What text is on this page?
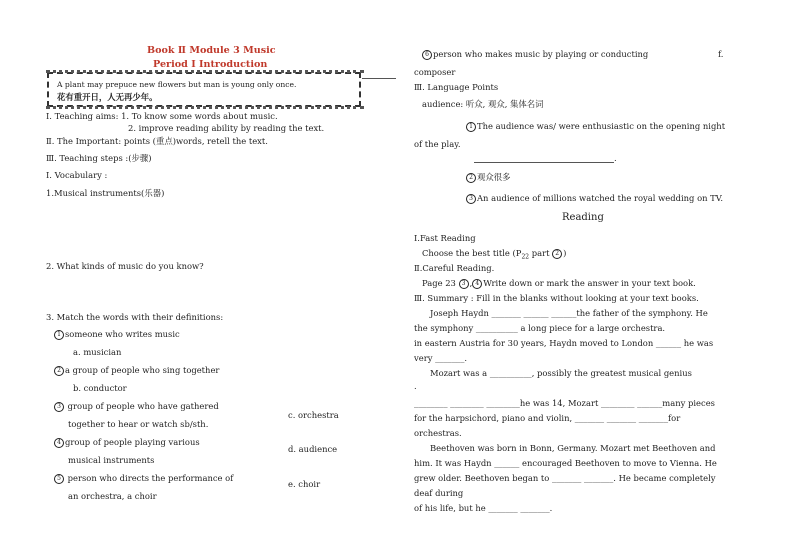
Book Ⅱ Module 3 Music
Period Ⅰ Introduction
A plant may prepuce new flowers but man is young only once.
花有重开日，人无再少年。
Ⅰ. Teaching aims: 1. To know some words about music.
2. improve reading ability by reading the text.
Ⅱ. The Important: points (重点)words, retell the text.
Ⅲ. Teaching steps :(步骤)
Ⅰ. Vocabulary :
1.Musical instruments(乐器)
2. What kinds of music do you know?
3. Match the words with their definitions:
1 someone who writes music
a. musician
2 a group of people who sing together
b. conductor
3 group of people who have gathered
together to hear or watch sb/sth.
c. orchestra
4 group of people playing various
musical instruments
d. audience
5 person who directs the performance of
an orchestra, a choir
e. choir
6 person who makes music by playing or conducting	f.
composer
Ⅲ. Language Points
audience: 听众, 观众, 集体名词
1 The audience was/ were enthusiastic on the opening night
of the play.
.
2 观众很多
3 An audience of millions watched the royal wedding on TV.
Reading
Ⅰ.Fast Reading
Choose the best title ($P_{22}$ part 2 )
Ⅱ.Careful Reading.
Page 23 3 , 4 Write down or mark the answer in your text book.
Ⅲ. Summary : Fill in the blanks without looking at your text books.
Joseph Haydn _______ ______ ______the father of the symphony. He
the symphony __________ a long piece for a large orchestra.
in eastern Austria for 30 years, Haydn moved to London ______ he was
very _______.
Mozart was a __________, possibly the greatest musical genius
.
________ ________ ________he was 14, Mozart ________ ______many pieces
for the harpsichord, piano and violin, _______ _______ _______for
orchestras.
Beethoven was born in Bonn, Germany. Mozart met Beethoven and
him. It was Haydn ______ encouraged Beethoven to move to Vienna. He
grew older. Beethoven began to _______ _______. He became completely
deaf during
of his life, but he _______ _______.
